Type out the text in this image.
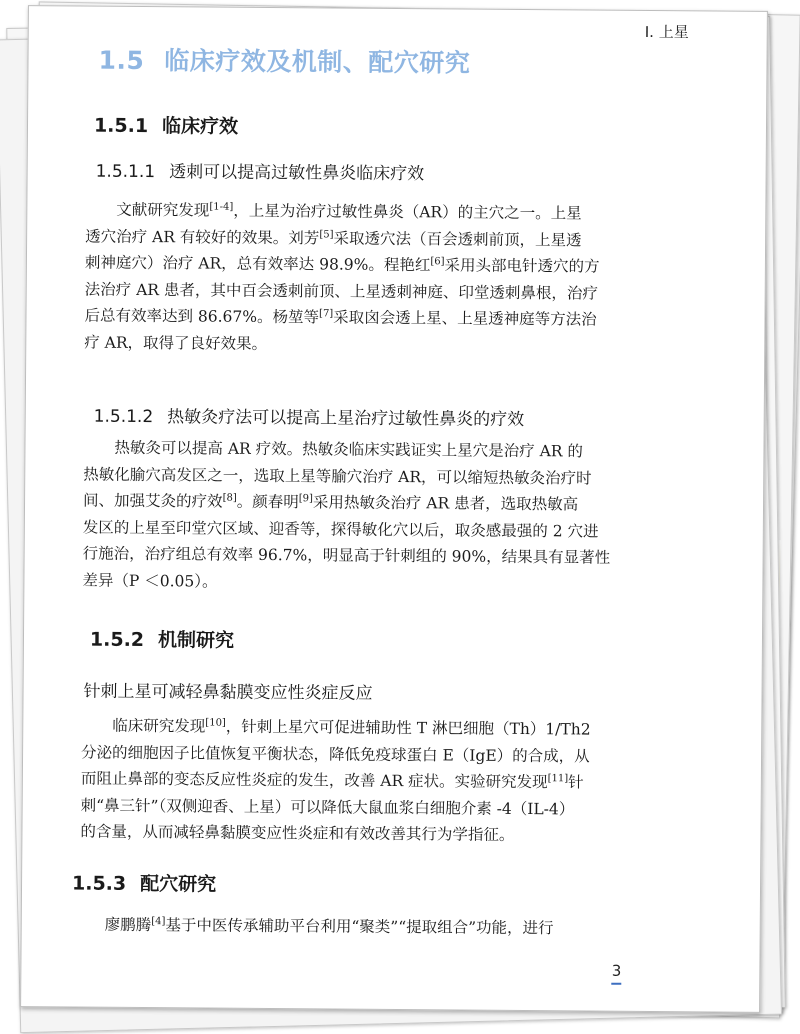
I. 上星
1.5 临床疗效及机制、配穴研究
1.5.1 临床疗效
1.5.1.1 透刺可以提高过敏性鼻炎临床疗效

文献研究发现[1-4]，上星为治疗过敏性鼻炎（AR）的主穴之一。上星
透穴治疗 AR 有较好的效果。刘芳[5]采取透穴法（百会透刺前顶，上星透
刺神庭穴）治疗 AR，总有效率达 98.9%。程艳红[6]采用头部电针透穴的方
法治疗 AR 患者，其中百会透刺前顶、上星透刺神庭、印堂透刺鼻根，治疗
后总有效率达到 86.67%。杨堃等[7]采取囟会透上星、上星透神庭等方法治
疗 AR，取得了良好效果。

1.5.1.2 热敏灸疗法可以提高上星治疗过敏性鼻炎的疗效

热敏灸可以提高 AR 疗效。热敏灸临床实践证实上星穴是治疗 AR 的
热敏化腧穴高发区之一，选取上星等腧穴治疗 AR，可以缩短热敏灸治疗时
间、加强艾灸的疗效[8]。颜春明[9]采用热敏灸治疗 AR 患者，选取热敏高
发区的上星至印堂穴区域、迎香等，探得敏化穴以后，取灸感最强的 2 穴进
行施治，治疗组总有效率 96.7%，明显高于针刺组的 90%，结果具有显著性
差异（P ＜0.05）。

1.5.2 机制研究
针刺上星可减轻鼻黏膜变应性炎症反应

临床研究发现[10]，针刺上星穴可促进辅助性 T 淋巴细胞（Th）1/Th2
分泌的细胞因子比值恢复平衡状态，降低免疫球蛋白 E（IgE）的合成，从
而阻止鼻部的变态反应性炎症的发生，改善 AR 症状。实验研究发现[11]针
刺“鼻三针”（双侧迎香、上星）可以降低大鼠血浆白细胞介素 -4（IL-4）
的含量，从而减轻鼻黏膜变应性炎症和有效改善其行为学指征。

1.5.3 配穴研究

廖鹏腾[4]基于中医传承辅助平台利用“聚类”“提取组合”功能，进行

3
